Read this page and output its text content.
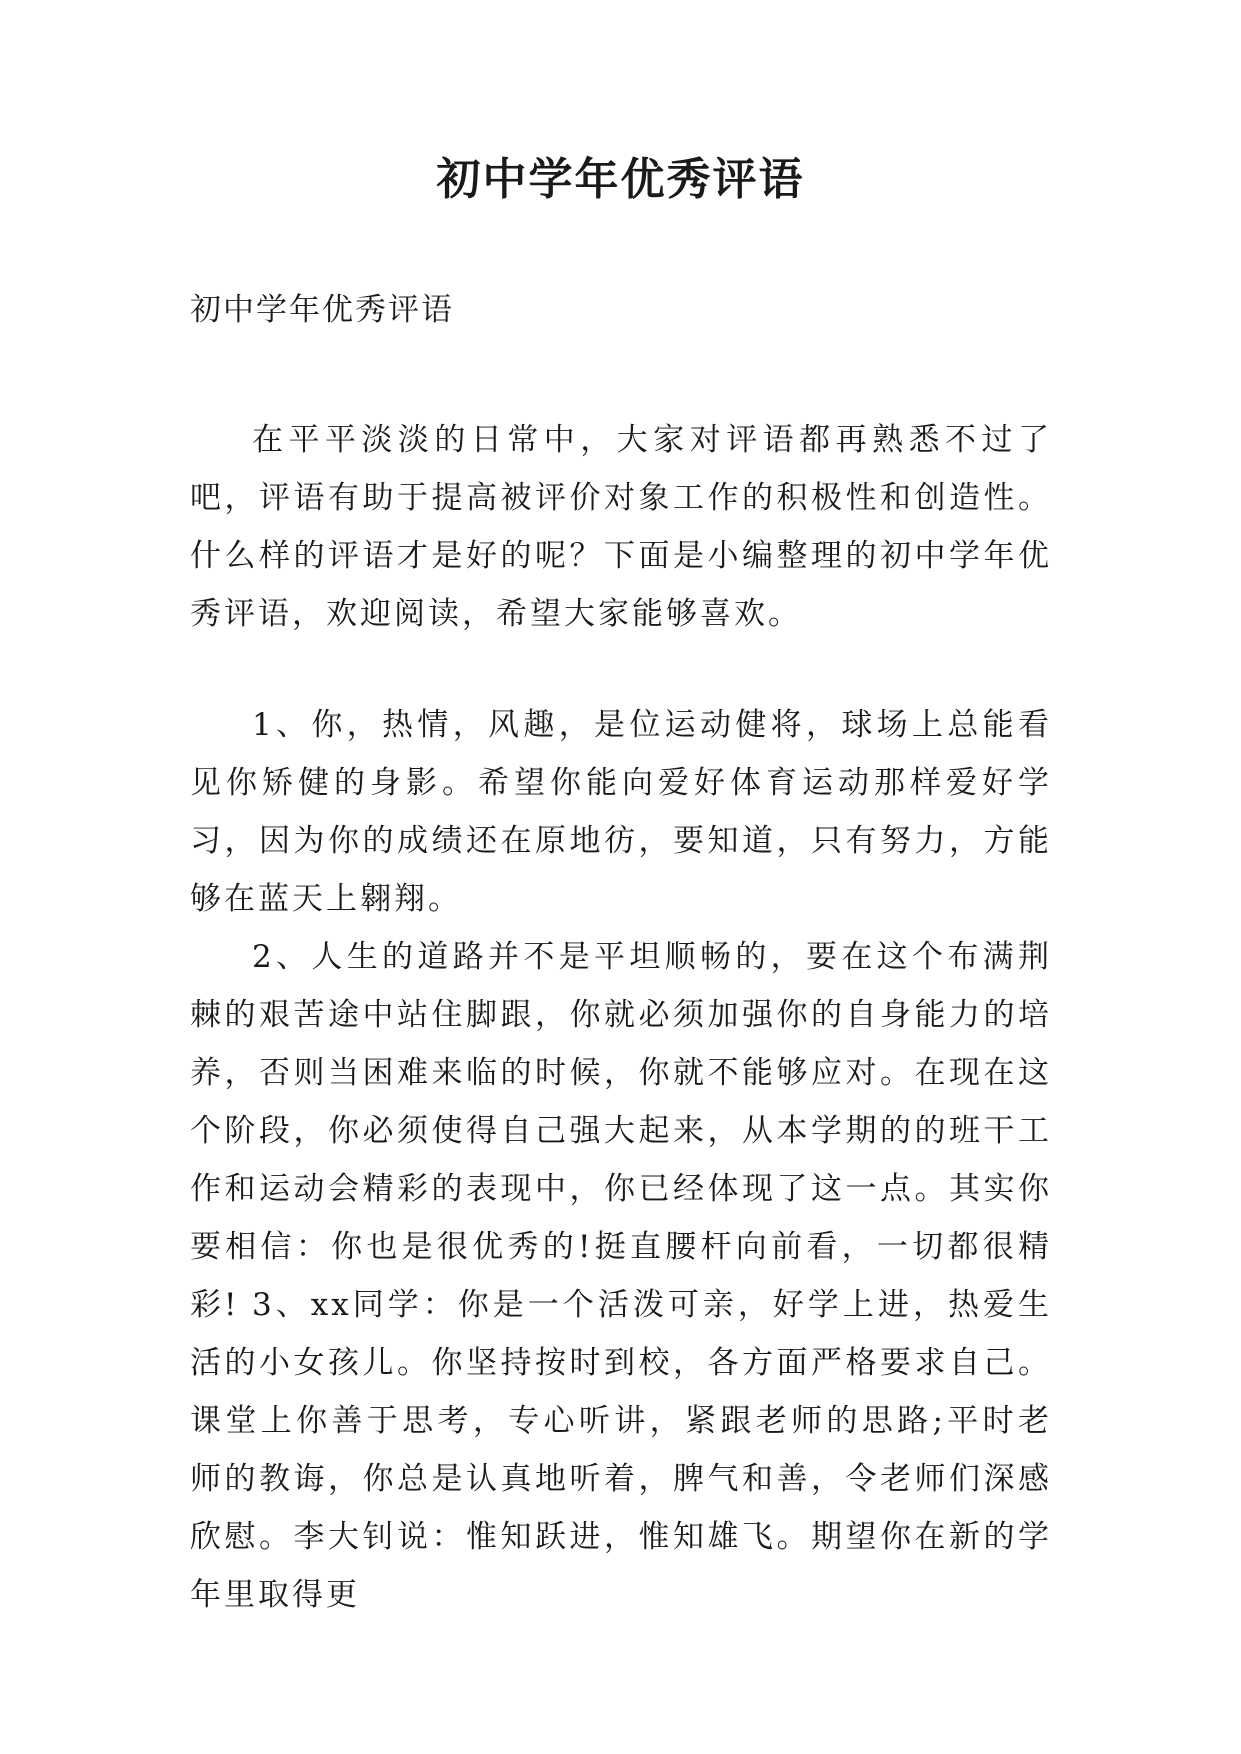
初中学年优秀评语

初中学年优秀评语

在平平淡淡的日常中，大家对评语都再熟悉不过了吧，评语有助于提高被评价对象工作的积极性和创造性。什么样的评语才是好的呢？下面是小编整理的初中学年优秀评语，欢迎阅读，希望大家能够喜欢。

1、你，热情，风趣，是位运动健将，球场上总能看见你矫健的身影。希望你能向爱好体育运动那样爱好学习，因为你的成绩还在原地彷，要知道，只有努力，方能够在蓝天上翱翔。

2、人生的道路并不是平坦顺畅的，要在这个布满荆棘的艰苦途中站住脚跟，你就必须加强你的自身能力的培养，否则当困难来临的时候，你就不能够应对。在现在这个阶段，你必须使得自己强大起来，从本学期的的班干工作和运动会精彩的表现中，你已经体现了这一点。其实你要相信：你也是很优秀的!挺直腰杆向前看，一切都很精彩! 3、xx同学：你是一个活泼可亲，好学上进，热爱生活的小女孩儿。你坚持按时到校，各方面严格要求自己。课堂上你善于思考，专心听讲，紧跟老师的思路;平时老师的教诲，你总是认真地听着，脾气和善，令老师们深感欣慰。李大钊说：惟知跃进，惟知雄飞。期望你在新的学年里取得更
